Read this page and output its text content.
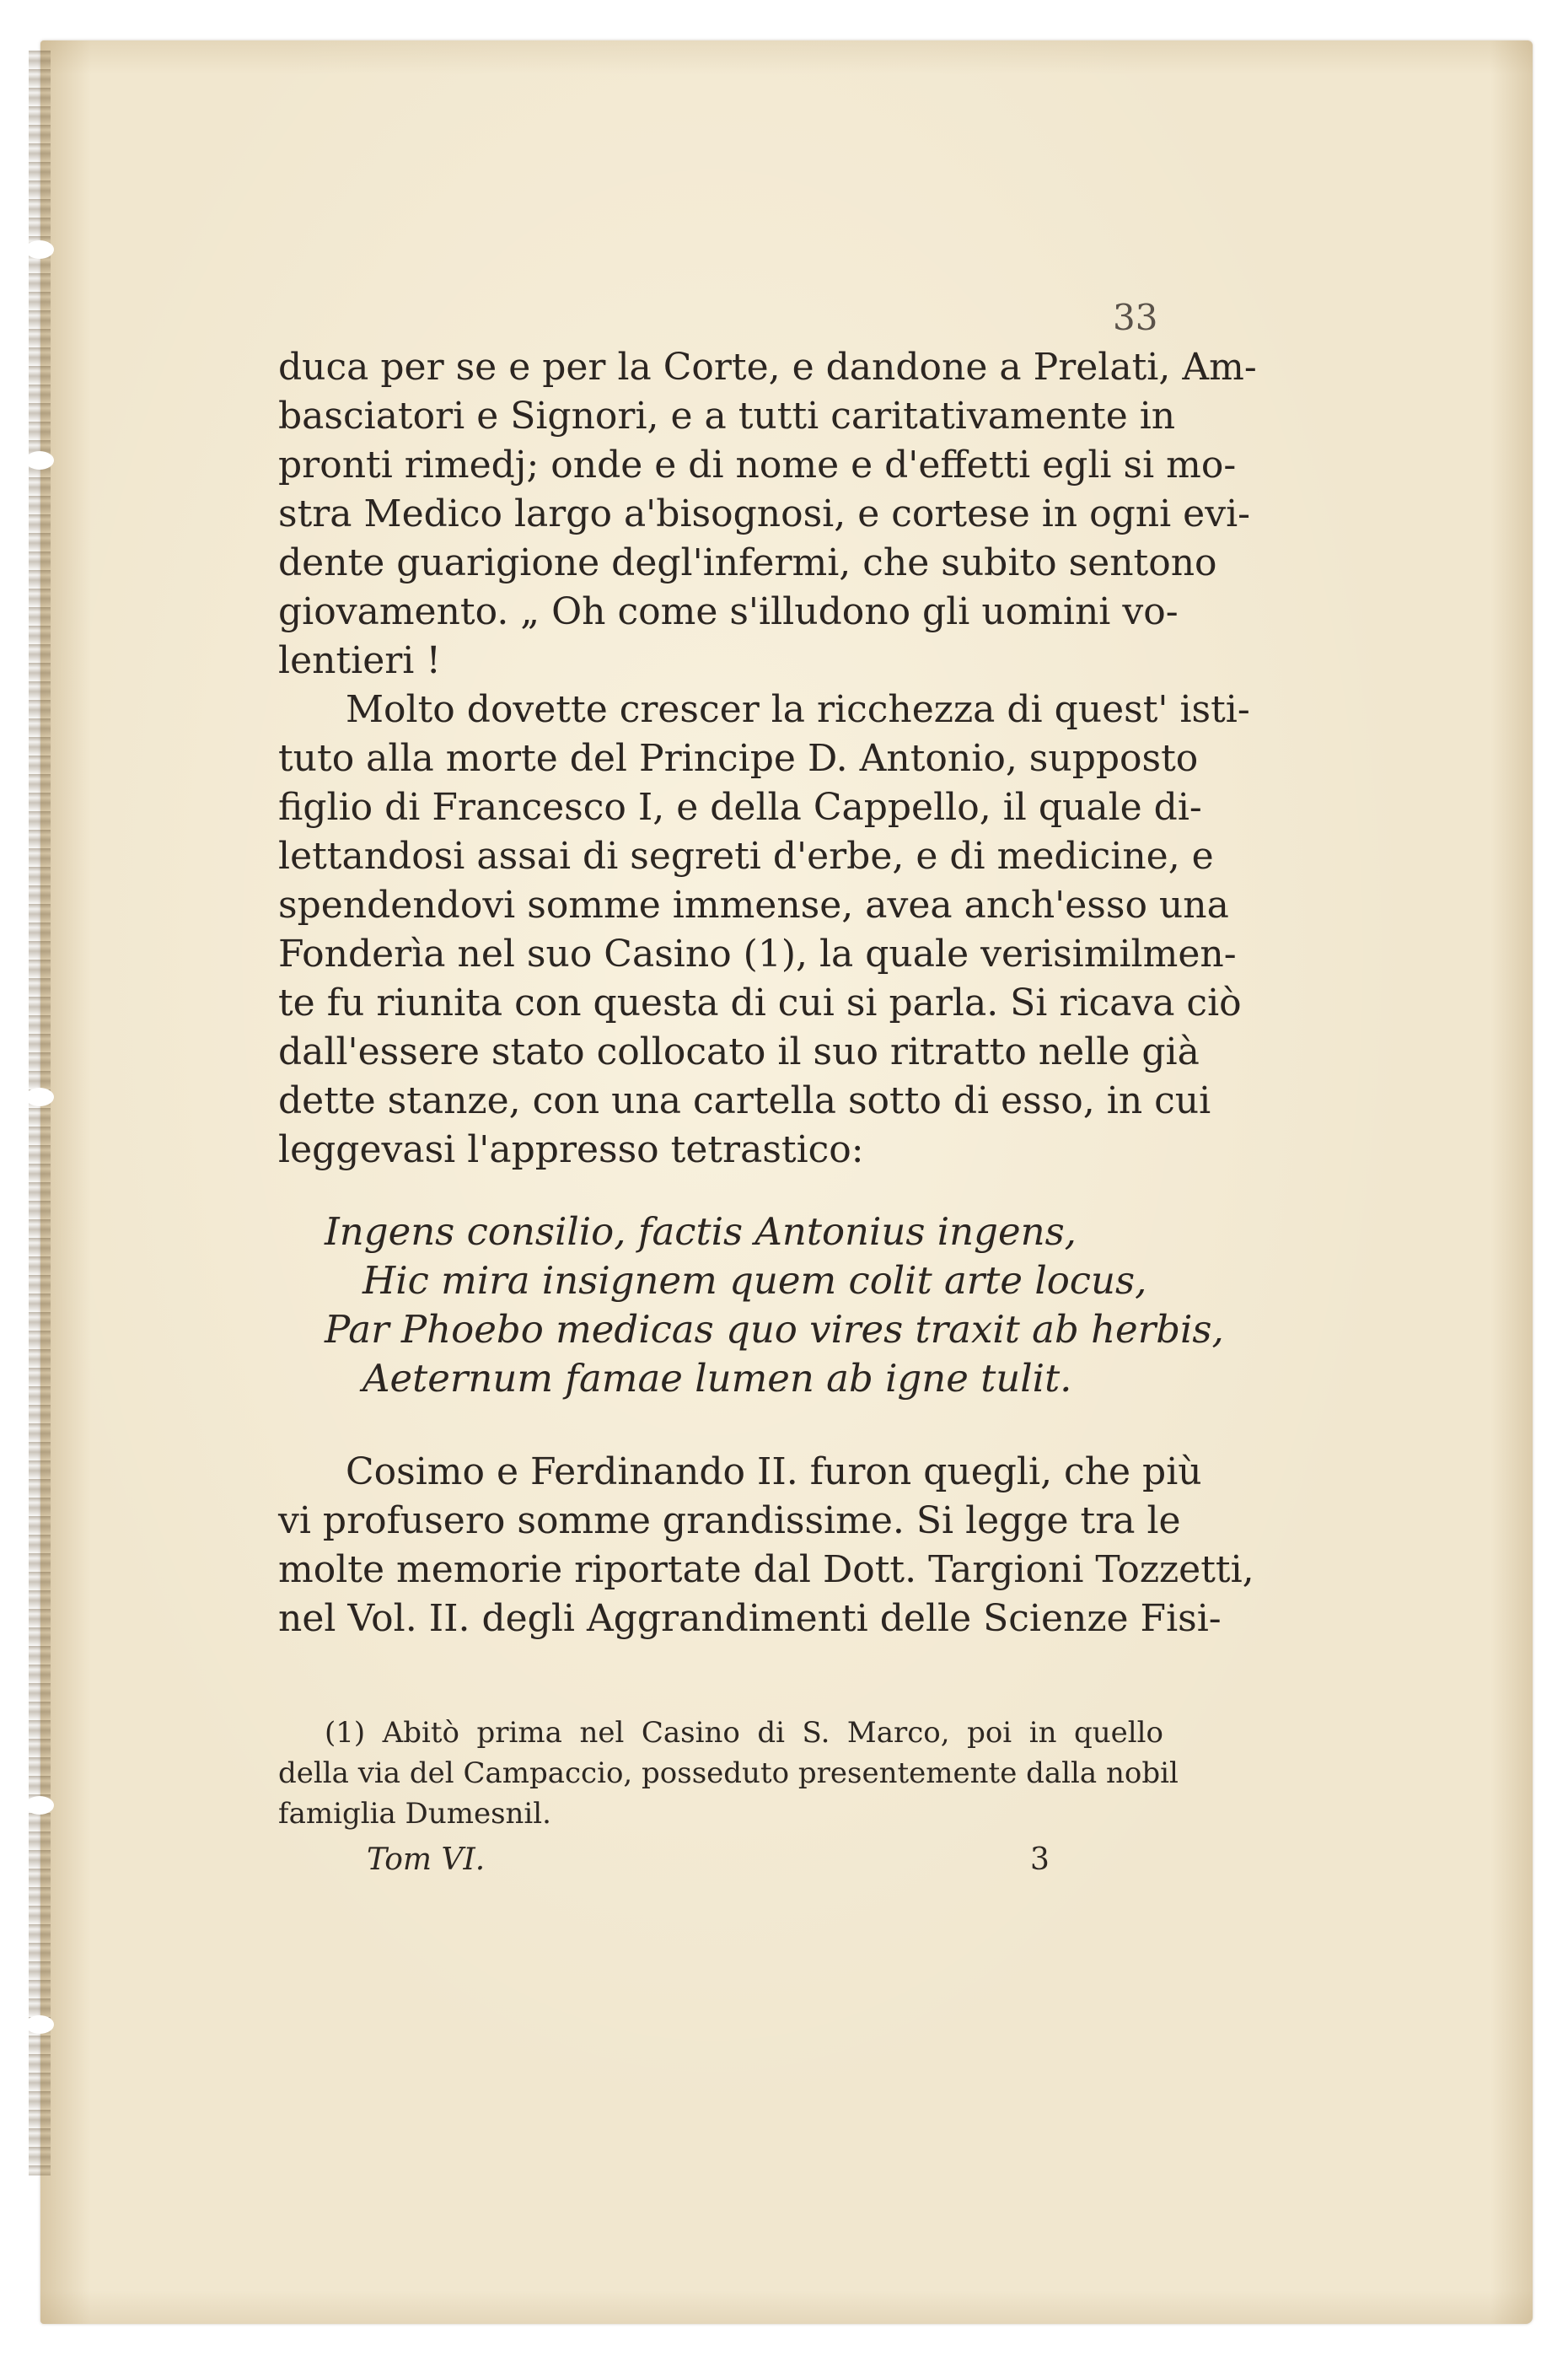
33
duca per se e per la Corte, e dandone a Prelati, Am-
basciatori e Signori, e a tutti caritativamente in
pronti rimedj; onde e di nome e d'effetti egli si mo-
stra Medico largo a'bisognosi, e cortese in ogni evi-
dente guarigione degl'infermi, che subito sentono
giovamento. „ Oh come s'illudono gli uomini vo-
lentieri !
Molto dovette crescer la ricchezza di quest' isti-
tuto alla morte del Principe D. Antonio, supposto
figlio di Francesco I, e della Cappello, il quale di-
lettandosi assai di segreti d'erbe, e di medicine, e
spendendovi somme immense, avea anch'esso una
Fonderìa nel suo Casino (1), la quale verisimilmen-
te fu riunita con questa di cui si parla. Si ricava ciò
dall'essere stato collocato il suo ritratto nelle già
dette stanze, con una cartella sotto di esso, in cui
leggevasi l'appresso tetrastico:
Ingens consilio, factis Antonius ingens,
Hic mira insignem quem colit arte locus,
Par Phoebo medicas quo vires traxit ab herbis,
Aeternum famae lumen ab igne tulit.
Cosimo e Ferdinando II. furon quegli, che più
vi profusero somme grandissime. Si legge tra le
molte memorie riportate dal Dott. Targioni Tozzetti,
nel Vol. II. degli Aggrandimenti delle Scienze Fisi-
(1) Abitò prima nel Casino di S. Marco, poi in quello
della via del Campaccio, posseduto presentemente dalla nobil
famiglia Dumesnil.
Tom VI.	3
